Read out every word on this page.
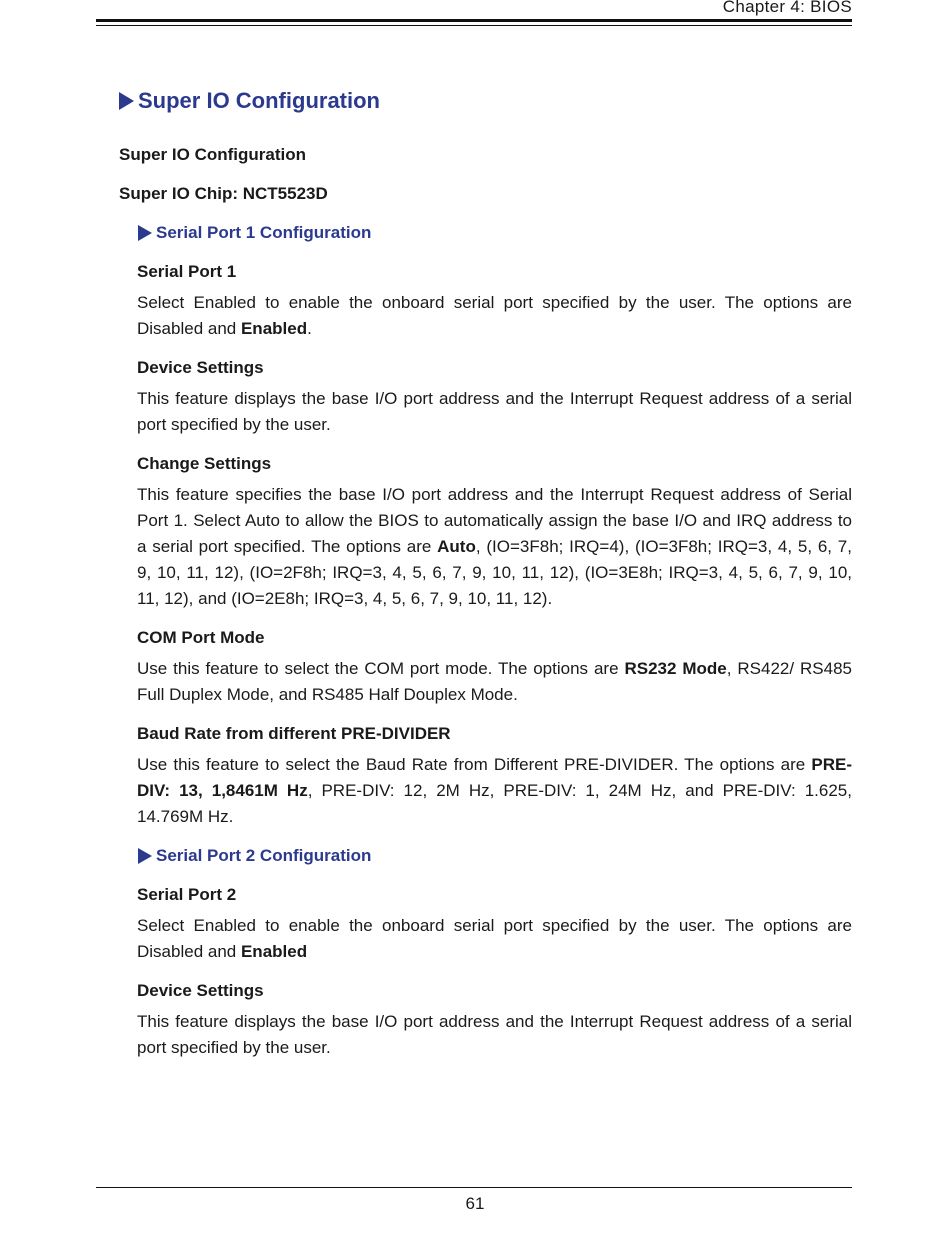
Chapter 4: BIOS
Super IO Configuration
Super IO Configuration
Super IO Chip: NCT5523D
Serial Port 1 Configuration
Serial Port 1

Select Enabled to enable the onboard serial port specified by the user. The options are Disabled and Enabled.

Device Settings

This feature displays the base I/O port address and the Interrupt Request address of a serial port specified by the user.

Change Settings

This feature specifies the base I/O port address and the Interrupt Request address of Serial Port 1. Select Auto to allow the BIOS to automatically assign the base I/O and IRQ address to a serial port specified. The options are Auto, (IO=3F8h; IRQ=4), (IO=3F8h; IRQ=3, 4, 5, 6, 7, 9, 10, 11, 12), (IO=2F8h; IRQ=3, 4, 5, 6, 7, 9, 10, 11, 12), (IO=3E8h; IRQ=3, 4, 5, 6, 7, 9, 10, 11, 12), and (IO=2E8h; IRQ=3, 4, 5, 6, 7, 9, 10, 11, 12).

COM Port Mode

Use this feature to select the COM port mode. The options are RS232 Mode, RS422/ RS485 Full Duplex Mode, and RS485 Half Douplex Mode.

Baud Rate from different PRE-DIVIDER

Use this feature to select the Baud Rate from Different PRE-DIVIDER. The options are PRE-DIV: 13, 1,8461M Hz, PRE-DIV: 12, 2M Hz, PRE-DIV: 1, 24M Hz, and PRE-DIV: 1.625, 14.769M Hz.

Serial Port 2 Configuration
Serial Port 2

Select Enabled to enable the onboard serial port specified by the user. The options are Disabled and Enabled

Device Settings

This feature displays the base I/O port address and the Interrupt Request address of a serial port specified by the user.

61
